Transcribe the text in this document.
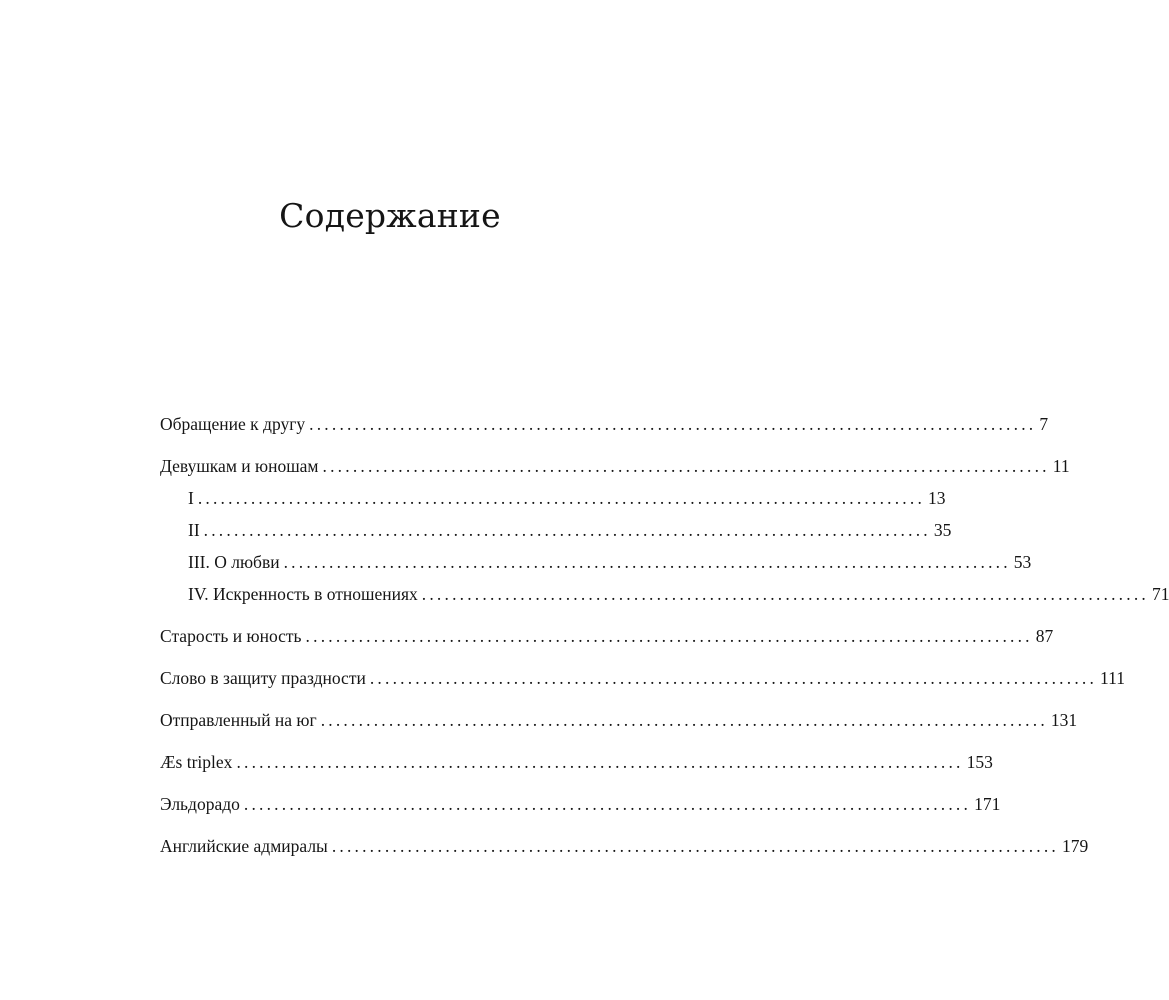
Содержание
Обращение к другу ................................................................................................ 7
Девушкам и юношам ................................................................................................ 11
I ................................................................................................ 13
II ................................................................................................ 35
III. О любви ................................................................................................ 53
IV. Искренность в отношениях ................................................................................................ 71
Старость и юность ................................................................................................ 87
Слово в защиту праздности ................................................................................................ 111
Отправленный на юг ................................................................................................ 131
Æs triplex ................................................................................................ 153
Эльдорадо ................................................................................................ 171
Английские адмиралы ................................................................................................ 179
